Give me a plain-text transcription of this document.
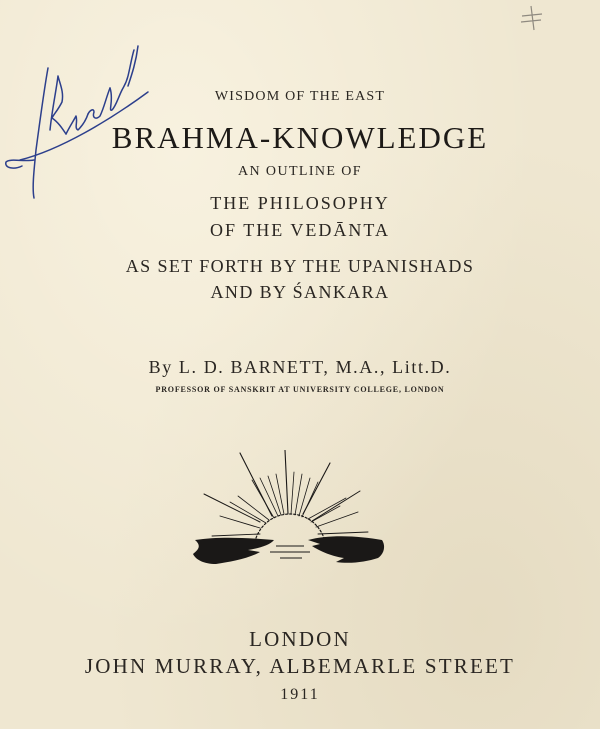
WISDOM OF THE EAST
BRAHMA-KNOWLEDGE
AN OUTLINE OF
THE PHILOSOPHY
OF THE VEDĀNTA
AS SET FORTH BY THE UPANISHADS
AND BY ŚANKARA
By L. D. BARNETT, M.A., Litt.D.
PROFESSOR OF SANSKRIT AT UNIVERSITY COLLEGE, LONDON
LONDON
JOHN MURRAY, ALBEMARLE STREET
1911
